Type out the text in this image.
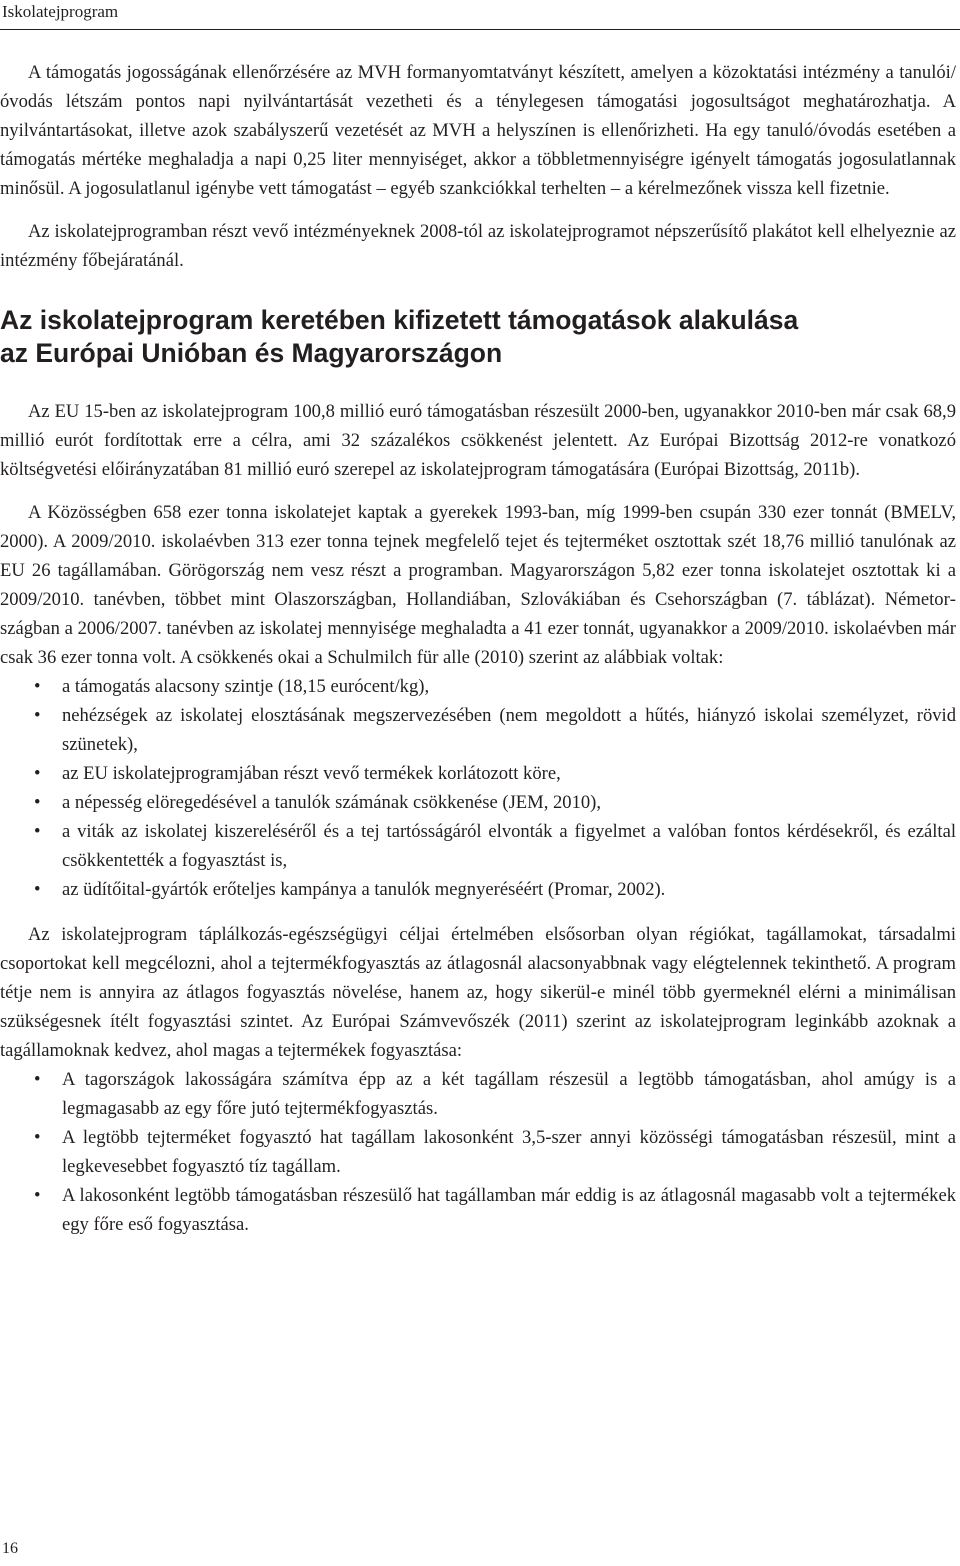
Iskolatejprogram

A támogatás jogosságának ellenőrzésére az MVH formanyomtatványt készített, amelyen a közoktatási intézmény a tanulói/óvodás létszám pontos napi nyilvántartását vezetheti és a ténylegesen támogatási jogosultságot meghatározhatja. A nyilvántartásokat, illetve azok szabályszerű vezetését az MVH a helyszínen is ellenőrizheti. Ha egy tanuló/óvodás esetében a támogatás mértéke meghaladja a napi 0,25 liter mennyiséget, akkor a többletmennyiségre igényelt támogatás jogosulatlannak minősül. A jogosulatlanul igénybe vett támogatást – egyéb szankciókkal terhelten – a kérelmezőnek vissza kell fizetnie.

Az iskolatejprogramban részt vevő intézményeknek 2008-tól az iskolatejprogramot népszerűsítő plakátot kell elhelyeznie az intézmény főbejáratánál.

Az iskolatejprogram keretében kifizetett támogatások alakulása
az Európai Unióban és Magyarországon

Az EU 15-ben az iskolatejprogram 100,8 millió euró támogatásban részesült 2000-ben, ugyanakkor 2010-ben már csak 68,9 millió eurót fordítottak erre a célra, ami 32 százalékos csökkenést jelentett. Az Európai Bizottság 2012-re vonatkozó költségvetési előirányzatában 81 millió euró szerepel az iskolatejprogram támogatására (Európai Bizottság, 2011b).

A Közösségben 658 ezer tonna iskolatejet kaptak a gyerekek 1993-ban, míg 1999-ben csupán 330 ezer tonnát (BMELV, 2000). A 2009/2010. iskolaévben 313 ezer tonna tejnek megfelelő tejet és tejterméket osztottak szét 18,76 millió tanulónak az EU 26 tagállamában. Görögország nem vesz részt a programban. Magyarországon 5,82 ezer tonna iskolatejet osztottak ki a 2009/2010. tanévben, többet mint Olaszországban, Hollandiában, Szlovákiában és Csehországban (7. táblázat). Németországban a 2006/2007. tanévben az iskolatej mennyisége meghaladta a 41 ezer tonnát, ugyanakkor a 2009/2010. iskolaévben már csak 36 ezer tonna volt. A csökkenés okai a Schulmilch für alle (2010) szerint az alábbiak voltak:

• a támogatás alacsony szintje (18,15 eurócent/kg),
• nehézségek az iskolatej elosztásának megszervezésében (nem megoldott a hűtés, hiányzó iskolai személyzet, rövid szünetek),
• az EU iskolatejprogramjában részt vevő termékek korlátozott köre,
• a népesség elöregedésével a tanulók számának csökkenése (JEM, 2010),
• a viták az iskolatej kiszereléséről és a tej tartósságáról elvonták a figyelmet a valóban fontos kérdésekről, és ezáltal csökkentették a fogyasztást is,
• az üdítőital-gyártók erőteljes kampánya a tanulók megnyeréséért (Promar, 2002).

Az iskolatejprogram táplálkozás-egészségügyi céljai értelmében elsősorban olyan régiókat, tagállamokat, társadalmi csoportokat kell megcélozni, ahol a tejtermékfogyasztás az átlagosnál alacsonyabbnak vagy elégtelennek tekinthető. A program tétje nem is annyira az átlagos fogyasztás növelése, hanem az, hogy sikerül-e minél több gyermeknél elérni a minimálisan szükségesnek ítélt fogyasztási szintet. Az Európai Számvevőszék (2011) szerint az iskolatejprogram leginkább azoknak a tagállamoknak kedvez, ahol magas a tejtermékek fogyasztása:

• A tagországok lakosságára számítva épp az a két tagállam részesül a legtöbb támogatásban, ahol amúgy is a legmagasabb az egy főre jutó tejtermékfogyasztás.
• A legtöbb tejterméket fogyasztó hat tagállam lakosonként 3,5-szer annyi közösségi támogatásban részesül, mint a legkevesebbet fogyasztó tíz tagállam.
• A lakosonként legtöbb támogatásban részesülő hat tagállamban már eddig is az átlagosnál magasabb volt a tejtermékek egy főre eső fogyasztása.
16
